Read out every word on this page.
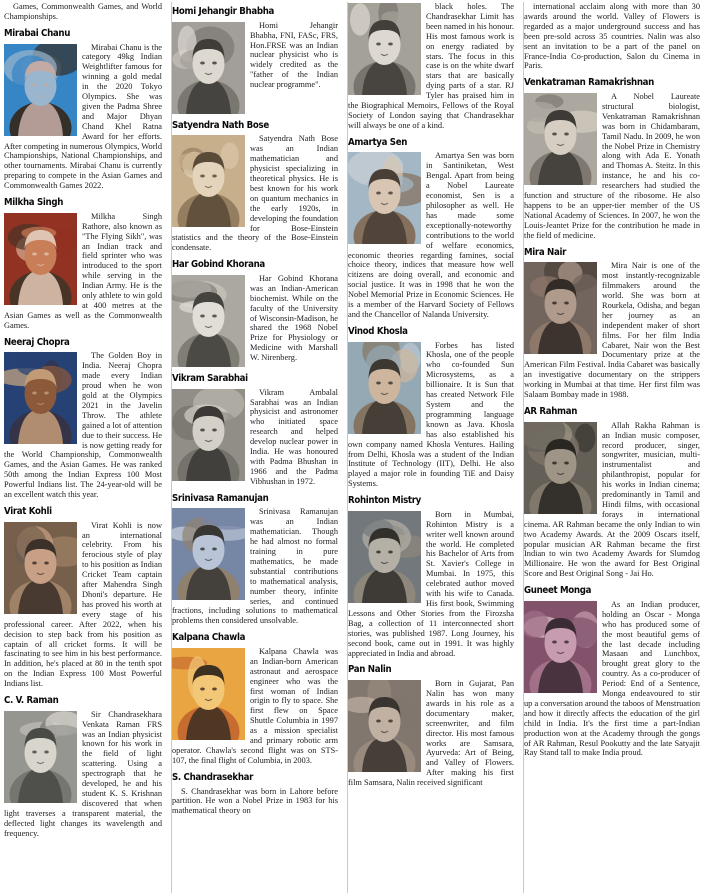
Games, Commonwealth Games, and World Championships.

Mirabai Chanu

Mirabai Chanu is the category 49kg Indian Weightlifter famous for winning a gold medal in the 2020 Tokyo Olympics. She was given the Padma Shree and Major Dhyan Chand Khel Ratna Award for her efforts. After competing in numerous Olympics, World Championships, National Championships, and other tournaments. Mirabai Chanu is currently preparing to compete in the Asian Games and Commonwealth Games 2022.

Milkha Singh

Milkha Singh Rathore, also known as "The Flying Sikh", was an Indian track and field sprinter who was introduced to the sport while serving in the Indian Army. He is the only athlete to win gold at 400 metres at the Asian Games as well as the Commonwealth Games.

Neeraj Chopra

The Golden Boy in India. Neeraj Chopra made every Indian proud when he won gold at the Olympics 2021 in the Javelin Throw. The athlete gained a lot of attention due to their success. He is now getting ready for the World Championship, Commonwealth Games, and the Asian Games. He was ranked 50th among the Indian Express 100 Most Powerful Indians list. The 24-year-old will be an excellent watch this year.

Virat Kohli

Virat Kohli is now an international celebrity. From his ferocious style of play to his position as Indian Cricket Team captain after Mahendra Singh Dhoni's departure. He has proved his worth at every stage of his professional career. After 2022, when his decision to step back from his position as captain of all cricket forms. It will be fascinating to see him in his best performance. In addition, he's placed at 80 in the tenth spot on the Indian Express 100 Most Powerful Indians list.

C. V. Raman

Sir Chandrasekhara Venkata Raman FRS was an Indian physicist known for his work in the field of light scattering. Using a spectrograph that he developed, he and his student K. S. Krishnan discovered that when light traverses a transparent material, the deflected light changes its wavelength and frequency.

Homi Jehangir Bhabha

Homi Jehangir Bhabha, FNI, FASc, FRS, Hon.FRSE was an Indian nuclear physicist who is widely credited as the "father of the Indian nuclear programme".

Satyendra Nath Bose

Satyendra Nath Bose was an Indian mathematician and physicist specializing in theoretical physics. He is best known for his work on quantum mechanics in the early 1920s, in developing the foundation for Bose-Einstein statistics and the theory of the Bose-Einstein condensate.

Har Gobind Khorana

Har Gobind Khorana was an Indian-American biochemist. While on the faculty of the University of Wisconsin-Madison, he shared the 1968 Nobel Prize for Physiology or Medicine with Marshall W. Nirenberg.

Vikram Sarabhai

Vikram Ambalal Sarabhai was an Indian physicist and astronomer who initiated space research and helped develop nuclear power in India. He was honoured with Padma Bhushan in 1966 and the Padma Vibhushan in 1972.

Srinivasa Ramanujan

Srinivasa Ramanujan was an Indian mathematician. Though he had almost no formal training in pure mathematics, he made substantial contributions to mathematical analysis, number theory, infinite series, and continued fractions, including solutions to mathematical problems then considered unsolvable.

Kalpana Chawla

Kalpana Chawla was an Indian-born American astronaut and aerospace engineer who was the first woman of Indian origin to fly to space. She first flew on Space Shuttle Columbia in 1997 as a mission specialist and primary robotic arm operator. Chawla's second flight was on STS-107, the final flight of Columbia, in 2003.

S. Chandrasekhar

S. Chandrasekhar was born in Lahore before partition. He won a Nobel Prize in 1983 for his mathematical theory on

black holes. The Chandrasekhar Limit has been named in his honour. His most famous work is on energy radiated by stars. The focus in this case is on the white dwarf stars that are basically dying parts of a star. RJ Tyler has praised him in the Biographical Memoirs, Fellows of the Royal Society of London saying that Chandrasekhar will always be one of a kind.

Amartya Sen

Amartya Sen was born in Santiniketan, West Bengal. Apart from being a Nobel Laureate economist, Sen is a philosopher as well. He has made some exceptionally-noteworthy contributions to the world of welfare economics, economic theories regarding famines, social choice theory, indices that measure how well citizens are doing overall, and economic and social justice. It was in 1998 that he won the Nobel Memorial Prize in Economic Sciences. He is a member of the Harvard Society of Fellows and the Chancellor of Nalanda University.

Vinod Khosla

Forbes has listed Khosla, one of the people who co-founded Sun Microsystems, as a billionaire. It is Sun that has created Network File System and the programming language known as Java. Khosla has also established his own company named Khosla Ventures. Hailing from Delhi, Khosla was a student of the Indian Institute of Technology (IIT), Delhi. He also played a major role in founding TiE and Daisy Systems.

Rohinton Mistry

Born in Mumbai, Rohinton Mistry is a writer well known around the world. He completed his Bachelor of Arts from St. Xavier's College in Mumbai. In 1975, this celebrated author moved with his wife to Canada. His first book, Swimming Lessons and Other Stories from the Firozsha Bag, a collection of 11 interconnected short stories, was published 1987. Long Journey, his second book, came out in 1991. It was highly appreciated in India and abroad.

Pan Nalin

Born in Gujarat, Pan Nalin has won many awards in his role as a documentary maker, screenwriter, and film director. His most famous works are Samsara, Ayurveda: Art of Being, and Valley of Flowers. After making his first film Samsara, Nalin received significant

international acclaim along with more than 30 awards around the world. Valley of Flowers is regarded as a major underground success and has been pre-sold across 35 countries. Nalin was also sent an invitation to be a part of the panel on France-India Co-production, Salon du Cinema in Paris.

Venkatraman Ramakrishnan

A Nobel Laureate structural biologist, Venkatraman Ramakrishnan was born in Chidambaram, Tamil Nadu. In 2009, he won the Nobel Prize in Chemistry along with Ada E. Yonath and Thomas A. Steitz. In this instance, he and his co-researchers had studied the function and structure of the ribosome. He also happens to be an upper-tier member of the US National Academy of Sciences. In 2007, he won the Louis-Jeantet Prize for the contribution he made in the field of medicine.

Mira Nair

Mira Nair is one of the most instantly-recognizable filmmakers around the world. She was born at Rourkela, Odisha, and began her journey as an independent maker of short films. For her film India Cabaret, Nair won the Best Documentary prize at the American Film Festival. India Cabaret was basically an investigative documentary on the strippers working in Mumbai at that time. Her first film was Salaam Bombay made in 1988.

AR Rahman

Allah Rakha Rahman is an Indian music composer, record producer, singer, songwriter, musician, multi-instrumentalist and philanthropist, popular for his works in Indian cinema; predominantly in Tamil and Hindi films, with occasional forays in international cinema. AR Rahman became the only Indian to win two Academy Awards. At the 2009 Oscars itself, popular musician AR Rahman became the first Indian to win two Academy Awards for Slumdog Millionaire. He won the award for Best Original Score and Best Original Song - Jai Ho.

Guneet Monga

As an Indian producer, holding an Oscar - Monga who has produced some of the most beautiful gems of the last decade including Masaan and Lunchbox, brought great glory to the country. As a co-producer of Period: End of a Sentence, Monga endeavoured to stir up a conversation around the taboos of Menstruation and how it directly affects the education of the girl child in India. It's the first time a part-Indian production won at the Academy through the gongs of AR Rahman, Resul Pookutty and the late Satyajit Ray Stand tall to make India proud.
